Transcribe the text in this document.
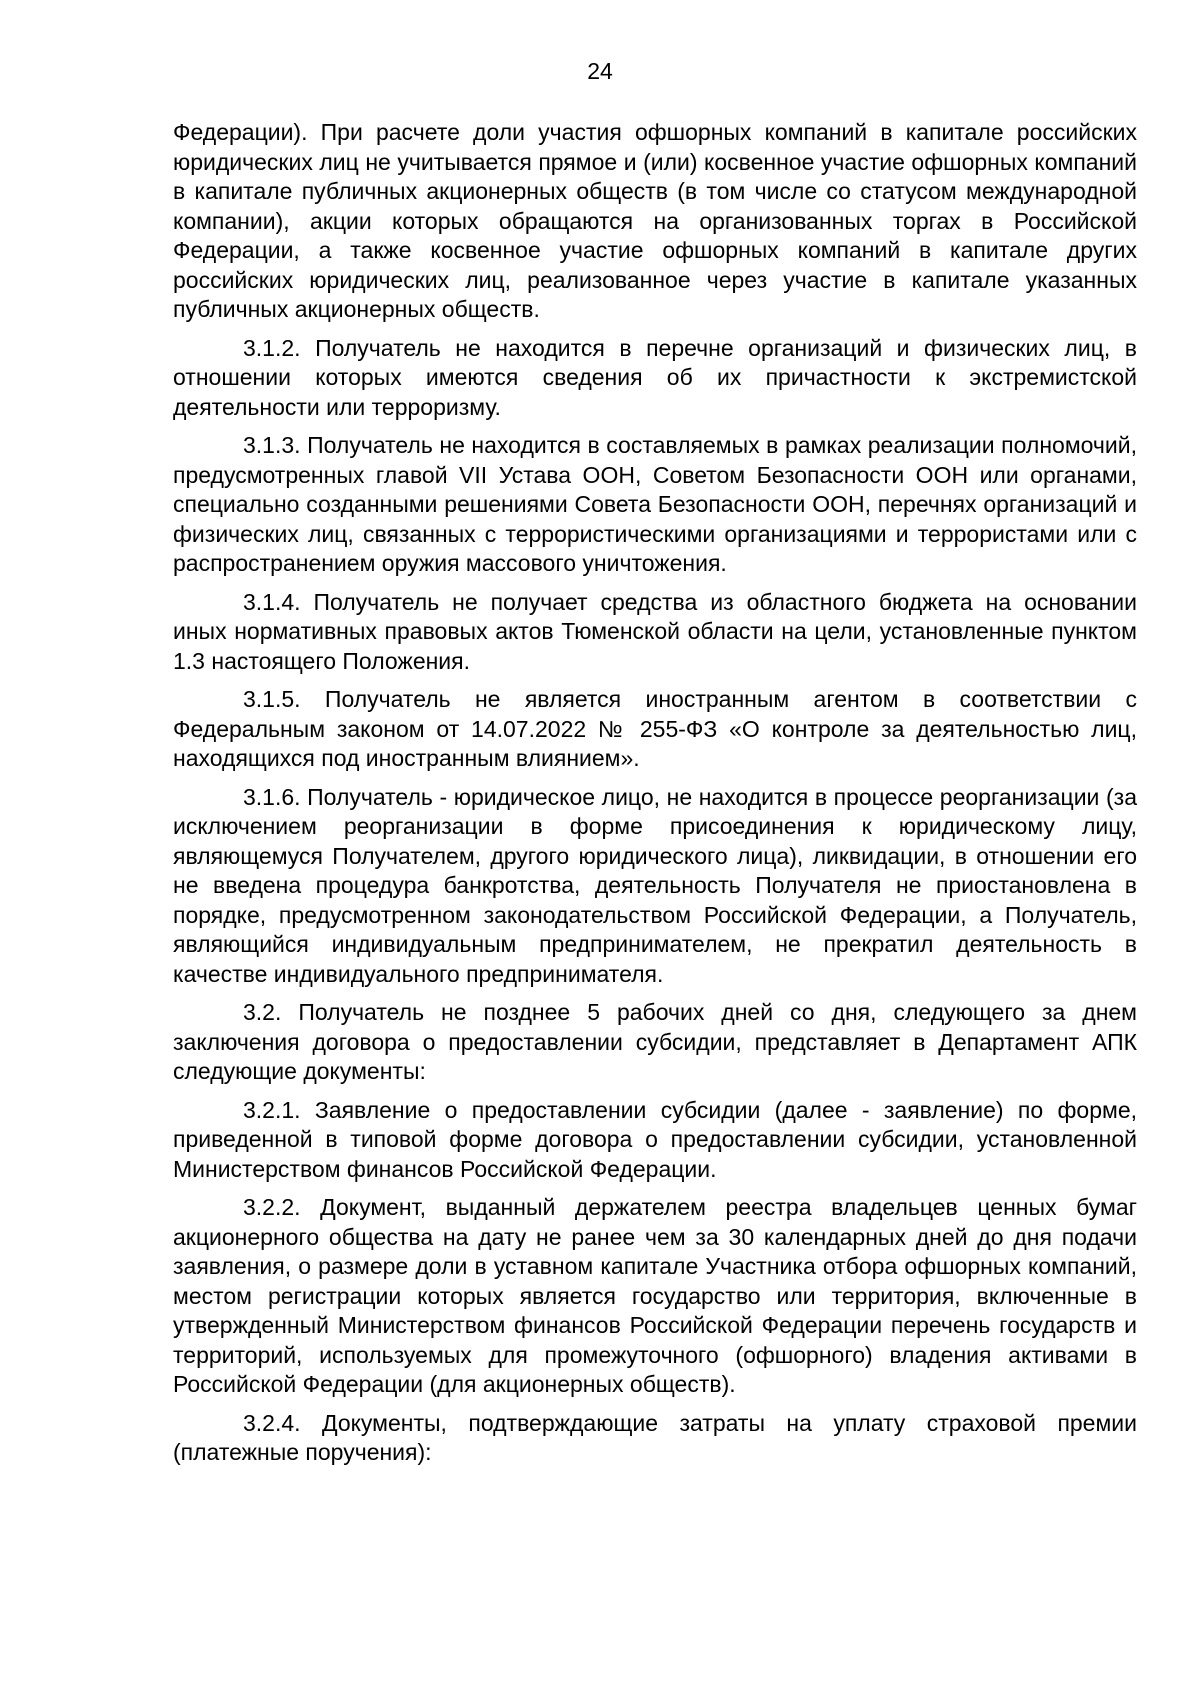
24

Федерации). При расчете доли участия офшорных компаний в капитале российских юридических лиц не учитывается прямое и (или) косвенное участие офшорных компаний в капитале публичных акционерных обществ (в том числе со статусом международной компании), акции которых обращаются на организованных торгах в Российской Федерации, а также косвенное участие офшорных компаний в капитале других российских юридических лиц, реализованное через участие в капитале указанных публичных акционерных обществ.

3.1.2. Получатель не находится в перечне организаций и физических лиц, в отношении которых имеются сведения об их причастности к экстремистской деятельности или терроризму.

3.1.3. Получатель не находится в составляемых в рамках реализации полномочий, предусмотренных главой VII Устава ООН, Советом Безопасности ООН или органами, специально созданными решениями Совета Безопасности ООН, перечнях организаций и физических лиц, связанных с террористическими организациями и террористами или с распространением оружия массового уничтожения.

3.1.4. Получатель не получает средства из областного бюджета на основании иных нормативных правовых актов Тюменской области на цели, установленные пунктом 1.3 настоящего Положения.

3.1.5. Получатель не является иностранным агентом в соответствии с Федеральным законом от 14.07.2022 № 255-ФЗ «О контроле за деятельностью лиц, находящихся под иностранным влиянием».

3.1.6. Получатель - юридическое лицо, не находится в процессе реорганизации (за исключением реорганизации в форме присоединения к юридическому лицу, являющемуся Получателем, другого юридического лица), ликвидации, в отношении его не введена процедура банкротства, деятельность Получателя не приостановлена в порядке, предусмотренном законодательством Российской Федерации, а Получатель, являющийся индивидуальным предпринимателем, не прекратил деятельность в качестве индивидуального предпринимателя.

3.2. Получатель не позднее 5 рабочих дней со дня, следующего за днем заключения договора о предоставлении субсидии, представляет в Департамент АПК следующие документы:

3.2.1. Заявление о предоставлении субсидии (далее - заявление) по форме, приведенной в типовой форме договора о предоставлении субсидии, установленной Министерством финансов Российской Федерации.

3.2.2. Документ, выданный держателем реестра владельцев ценных бумаг акционерного общества на дату не ранее чем за 30 календарных дней до дня подачи заявления, о размере доли в уставном капитале Участника отбора офшорных компаний, местом регистрации которых является государство или территория, включенные в утвержденный Министерством финансов Российской Федерации перечень государств и территорий, используемых для промежуточного (офшорного) владения активами в Российской Федерации (для акционерных обществ).

3.2.4. Документы, подтверждающие затраты на уплату страховой премии (платежные поручения):
